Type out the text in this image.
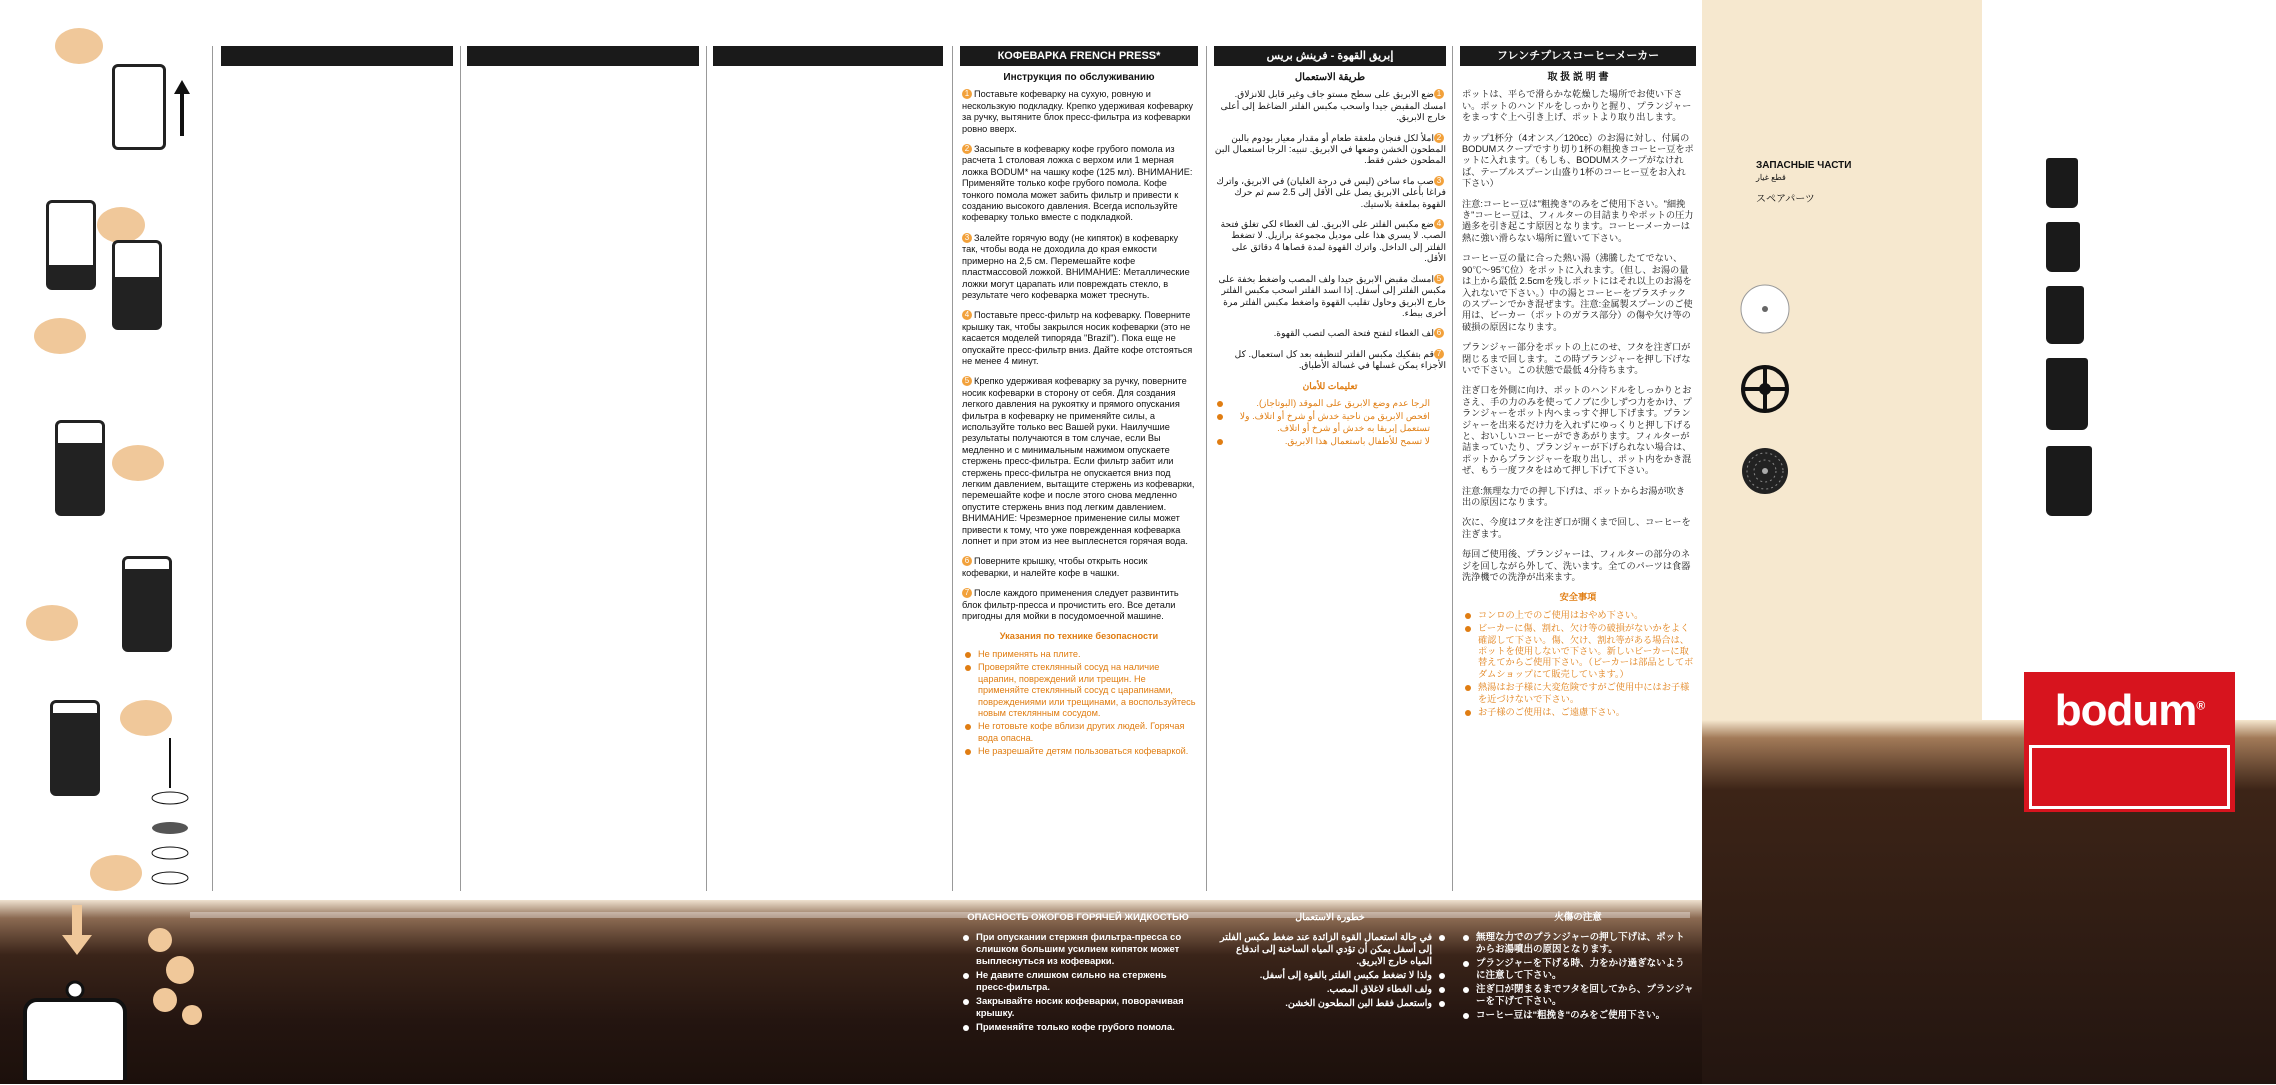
КОФЕВАРКА FRENCH PRESS*
Инструкция по обслуживанию

1 Поставьте кофеварку на сухую, ровную и нескользкую подкладку. Крепко удерживая кофеварку за ручку, вытяните блок пресс-фильтра из кофеварки ровно вверх.

2 Засыпьте в кофеварку кофе грубого помола из расчета 1 столовая ложка с верхом или 1 мерная ложка BODUM* на чашку кофе (125 мл). ВНИМАНИЕ: Применяйте только кофе грубого помола. Кофе тонкого помола может забить фильтр и привести к созданию высокого давления. Всегда используйте кофеварку только вместе с подкладкой.

3 Залейте горячую воду (не кипяток) в кофеварку так, чтобы вода не доходила до края емкости примерно на 2,5 см. Перемешайте кофе пластмассовой ложкой. ВНИМАНИЕ: Металлические ложки могут царапать или повреждать стекло, в результате чего кофеварка может треснуть.

4 Поставьте пресс-фильтр на кофеварку. Поверните крышку так, чтобы закрылся носик кофеварки (это не касается моделей типоряда "Brazil"). Пока еще не опускайте пресс-фильтр вниз. Дайте кофе отстояться не менее 4 минут.

5 Крепко удерживая кофеварку за ручку, поверните носик кофеварки в сторону от себя. Для создания легкого давления на рукоятку и прямого опускания фильтра в кофеварку не применяйте силы, а используйте только вес Вашей руки. Наилучшие результаты получаются в том случае, если Вы медленно и с минимальным нажимом опускаете стержень пресс-фильтра. Если фильтр забит или стержень пресс-фильтра не опускается вниз под легким давлением, вытащите стержень из кофеварки, перемешайте кофе и после этого снова медленно опустите стержень вниз под легким давлением. ВНИМАНИЕ: Чрезмерное применение силы может привести к тому, что уже поврежденная кофеварка лопнет и при этом из нее выплеснется горячая вода.

6 Поверните крышку, чтобы открыть носик кофеварки, и налейте кофе в чашки.

7 После каждого применения следует развинтить блок фильтр-пресса и прочистить его. Все детали пригодны для мойки в посудомоечной машине.

Указания по технике безопасности
Не применять на плите.
Проверяйте стеклянный сосуд на наличие царапин, повреждений или трещин. Не применяйте стеклянный сосуд с царапинами, повреждениями или трещинами, а воспользуйтесь новым стеклянным сосудом.
Не готовьте кофе вблизи других людей. Горячая вода опасна.
Не разрешайте детям пользоваться кофеваркой.
إبريق القهوة - فرينش بريس
طريقة الاستعمال

1ضع الابريق على سطح مستو جاف وغير قابل للانزلاق. امسك المقبض جيدا واسحب مكبس الفلتر الضاغط إلى أعلى خارج الابريق.

2املأ لكل فنجان ملعقة طعام أو مقدار معيار بودوم بالبن المطحون الخشن وضعها في الابريق. تنبيه: الرجا استعمال البن المطحون خشن فقط.

3صب ماء ساخن (ليس في درجة الغليان) في الابريق، واترك فراغا بأعلى الابريق يصل على الأقل إلى 2.5 سم ثم حرك القهوة بملعقة بلاستيك.

4ضع مكبس الفلتر على الابريق. لف الغطاء لكي تغلق فتحة الصب. لا يسري هذا على موديل مجموعة برازيل. لا تضغط الفلتر إلى الداخل. واترك القهوة لمدة قصاها 4 دقائق على الأقل.

5امسك مقبض الابريق جيدا ولف المصب واضغط بخفة على مكبس الفلتر إلى أسفل. إذا انسد الفلتر اسحب مكبس الفلتر خارج الابريق وحاول تقليب القهوة واضغط مكبس الفلتر مرة أخرى ببطء.

6لف الغطاء لتفتح فتحة الصب لتصب القهوة.

7قم بتفكيك مكبس الفلتر لتنظيفه بعد كل استعمال. كل الأجزاء يمكن غسلها في غسالة الأطباق.

تعليمات للأمان
الرجا عدم وضع الابريق على الموقد (البوتاجاز).
افحص الابريق من ناحية خدش أو شرخ أو اتلاف. ولا تستعمل إبريقا به خدش أو شرخ أو اتلاف.
لا تسمح للأطفال باستعمال هذا الابريق.
フレンチプレスコーヒーメーカー
取 扱 説 明 書

ポットは、平らで滑らかな乾燥した場所でお使い下さい。ポットのハンドルをしっかりと握り、プランジャーをまっすぐ上へ引き上げ、ポットより取り出します。

カップ1杯分（4オンス／120cc）のお湯に対し、付属のBODUMスクープですり切り1杯の粗挽きコーヒー豆をポットに入れます。（もしも、BODUMスクープがなければ、テーブルスプーン山盛り1杯のコーヒー豆をお入れ下さい）

注意:コーヒー豆は"粗挽き"のみをご使用下さい。"細挽き"コーヒー豆は、フィルターの目詰まりやポットの圧力過多を引き起こす原因となります。コーヒーメーカーは熱に強い滑らない場所に置いて下さい。

コーヒー豆の量に合った熱い湯（沸騰したてでない、90℃〜95℃位）をポットに入れます。（但し、お湯の量は上から最低 2.5cmを残しポットにはそれ以上のお湯を入れないで下さい。）中の湯とコーヒーをプラスチックのスプーンでかき混ぜます。注意:金属製スプーンのご使用は、ビーカー（ポットのガラス部分）の傷や欠け等の破損の原因になります。

プランジャー部分をポットの上にのせ、フタを注ぎ口が閉じるまで回します。この時プランジャーを押し下げないで下さい。この状態で最低 4分待ちます。

注ぎ口を外側に向け、ポットのハンドルをしっかりとおさえ、手の力のみを使ってノブに少しずつ力をかけ、プランジャーをポット内へまっすぐ押し下げます。プランジャーを出来るだけ力を入れずにゆっくりと押し下げると、おいしいコーヒーができあがります。フィルターが詰まっていたり、プランジャーが下げられない場合は、ポットからプランジャーを取り出し、ポット内をかき混ぜ、もう一度フタをはめて押し下げて下さい。

注意:無理な力での押し下げは、ポットからお湯が吹き出の原因になります。

次に、今度はフタを注ぎ口が開くまで回し、コーヒーを注ぎます。

毎回ご使用後、プランジャーは、フィルターの部分のネジを回しながら外して、洗います。全てのパーツは食器洗浄機での洗浄が出来ます。

安全事項
コンロの上でのご使用はおやめ下さい。
ビーカーに傷、割れ、欠け等の破損がないかをよく確認して下さい。傷、欠け、割れ等がある場合は、ポットを使用しないで下さい。新しいビーカーに取替えてからご使用下さい。（ビーカーは部品としてボダムショップにて販売しています。）
熱湯はお子様に大変危険ですがご使用中にはお子様を近づけないで下さい。
お子様のご使用は、ご遠慮下さい。
ОПАСНОСТЬ ОЖОГОВ ГОРЯЧЕЙ ЖИДКОСТЬЮ
При опускании стержня фильтра-пресса со слишком большим усилием кипяток может выплеснуться из кофеварки.
Не давите слишком сильно на стержень пресс-фильтра.
Закрывайте носик кофеварки, поворачивая крышку.
Применяйте только кофе грубого помола.
خطورة الاستعمال
في حالة استعمال القوة الزائدة عند ضغط مكبس الفلتر إلى أسفل يمكن أن تؤدي المياه الساخنة إلى اندفاع المياه خارج الابريق.
ولذا لا تضغط مكبس الفلتر بالقوة إلى أسفل.
ولف الغطاء لاغلاق المصب.
واستعمل فقط البن المطحون الخشن.
火傷の注意
無理な力でのプランジャーの押し下げは、ポットからお湯噴出の原因となります。
プランジャーを下げる時、力をかけ過ぎないように注意して下さい。
注ぎ口が閉まるまでフタを回してから、プランジャーを下げて下さい。
コーヒー豆は"粗挽き"のみをご使用下さい。
ЗАПАСНЫЕ ЧАСТИ
قطع غيار
スペアパーツ
bodum®
